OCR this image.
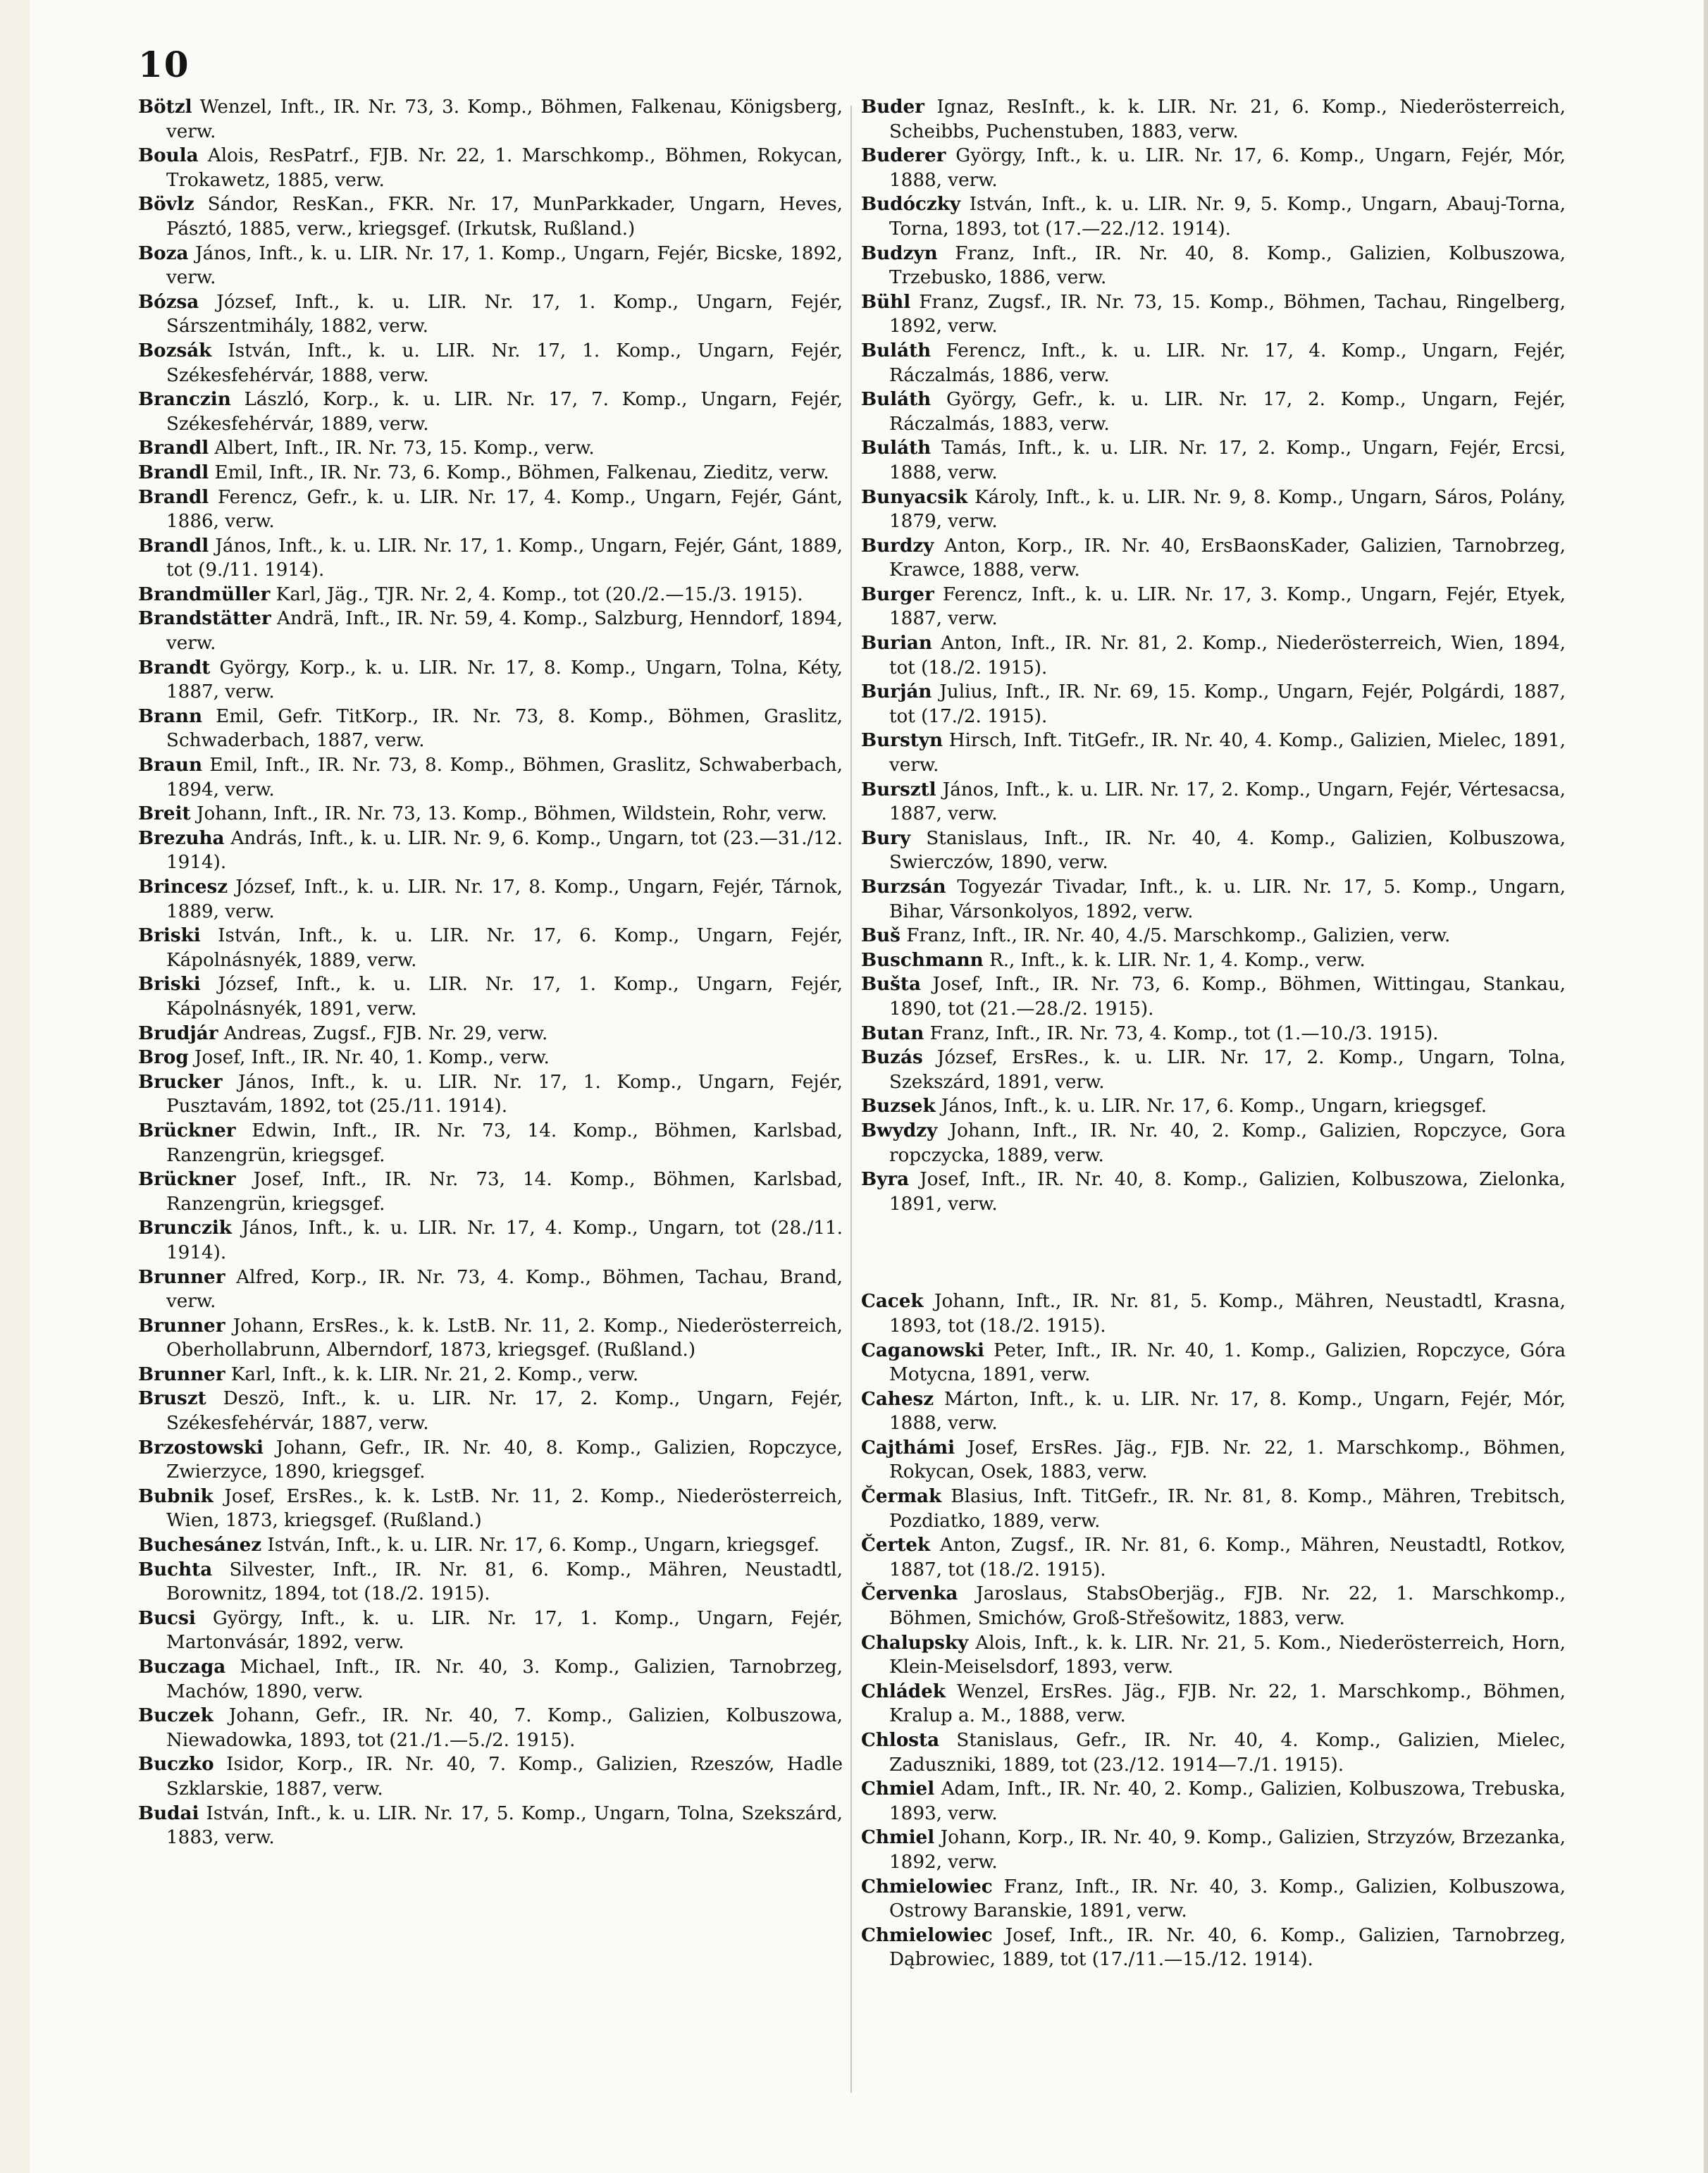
10

Bötzl Wenzel, Inft., IR. Nr. 73, 3. Komp., Böhmen, Falkenau, Königsberg, verw.

Boula Alois, ResPatrf., FJB. Nr. 22, 1. Marschkomp., Böhmen, Rokycan, Trokawetz, 1885, verw.

Bövlz Sándor, ResKan., FKR. Nr. 17, MunParkkader, Ungarn, Heves, Pásztó, 1885, verw., kriegsgef. (Irkutsk, Rußland.)

Boza János, Inft., k. u. LIR. Nr. 17, 1. Komp., Ungarn, Fejér, Bicske, 1892, verw.

Bózsa József, Inft., k. u. LIR. Nr. 17, 1. Komp., Ungarn, Fejér, Sárszentmihály, 1882, verw.

Bozsák István, Inft., k. u. LIR. Nr. 17, 1. Komp., Ungarn, Fejér, Székesfehérvár, 1888, verw.

Branczin László, Korp., k. u. LIR. Nr. 17, 7. Komp., Ungarn, Fejér, Székesfehérvár, 1889, verw.

Brandl Albert, Inft., IR. Nr. 73, 15. Komp., verw.

Brandl Emil, Inft., IR. Nr. 73, 6. Komp., Böhmen, Falkenau, Zieditz, verw.

Brandl Ferencz, Gefr., k. u. LIR. Nr. 17, 4. Komp., Ungarn, Fejér, Gánt, 1886, verw.

Brandl János, Inft., k. u. LIR. Nr. 17, 1. Komp., Ungarn, Fejér, Gánt, 1889, tot (9./11. 1914).

Brandmüller Karl, Jäg., TJR. Nr. 2, 4. Komp., tot (20./2.—15./3. 1915).

Brandstätter Andrä, Inft., IR. Nr. 59, 4. Komp., Salzburg, Henndorf, 1894, verw.

Brandt György, Korp., k. u. LIR. Nr. 17, 8. Komp., Ungarn, Tolna, Kéty, 1887, verw.

Brann Emil, Gefr. TitKorp., IR. Nr. 73, 8. Komp., Böhmen, Graslitz, Schwaderbach, 1887, verw.

Braun Emil, Inft., IR. Nr. 73, 8. Komp., Böhmen, Graslitz, Schwaberbach, 1894, verw.

Breit Johann, Inft., IR. Nr. 73, 13. Komp., Böhmen, Wildstein, Rohr, verw.

Brezuha András, Inft., k. u. LIR. Nr. 9, 6. Komp., Ungarn, tot (23.—31./12. 1914).

Brincesz József, Inft., k. u. LIR. Nr. 17, 8. Komp., Ungarn, Fejér, Tárnok, 1889, verw.

Briski István, Inft., k. u. LIR. Nr. 17, 6. Komp., Ungarn, Fejér, Kápolnásnyék, 1889, verw.

Briski József, Inft., k. u. LIR. Nr. 17, 1. Komp., Ungarn, Fejér, Kápolnásnyék, 1891, verw.

Brudjár Andreas, Zugsf., FJB. Nr. 29, verw.

Brog Josef, Inft., IR. Nr. 40, 1. Komp., verw.

Brucker János, Inft., k. u. LIR. Nr. 17, 1. Komp., Ungarn, Fejér, Pusztavám, 1892, tot (25./11. 1914).

Brückner Edwin, Inft., IR. Nr. 73, 14. Komp., Böhmen, Karlsbad, Ranzengrün, kriegsgef.

Brückner Josef, Inft., IR. Nr. 73, 14. Komp., Böhmen, Karlsbad, Ranzengrün, kriegsgef.

Brunczik János, Inft., k. u. LIR. Nr. 17, 4. Komp., Ungarn, tot (28./11. 1914).

Brunner Alfred, Korp., IR. Nr. 73, 4. Komp., Böhmen, Tachau, Brand, verw.

Brunner Johann, ErsRes., k. k. LstB. Nr. 11, 2. Komp., Niederösterreich, Oberhollabrunn, Alberndorf, 1873, kriegsgef. (Rußland.)

Brunner Karl, Inft., k. k. LIR. Nr. 21, 2. Komp., verw.

Bruszt Deszö, Inft., k. u. LIR. Nr. 17, 2. Komp., Ungarn, Fejér, Székesfehérvár, 1887, verw.

Brzostowski Johann, Gefr., IR. Nr. 40, 8. Komp., Galizien, Ropczyce, Zwierzyce, 1890, kriegsgef.

Bubnik Josef, ErsRes., k. k. LstB. Nr. 11, 2. Komp., Niederösterreich, Wien, 1873, kriegsgef. (Rußland.)

Buchesánez István, Inft., k. u. LIR. Nr. 17, 6. Komp., Ungarn, kriegsgef.

Buchta Silvester, Inft., IR. Nr. 81, 6. Komp., Mähren, Neustadtl, Borownitz, 1894, tot (18./2. 1915).

Bucsi György, Inft., k. u. LIR. Nr. 17, 1. Komp., Ungarn, Fejér, Martonvásár, 1892, verw.

Buczaga Michael, Inft., IR. Nr. 40, 3. Komp., Galizien, Tarnobrzeg, Machów, 1890, verw.

Buczek Johann, Gefr., IR. Nr. 40, 7. Komp., Galizien, Kolbuszowa, Niewadowka, 1893, tot (21./1.—5./2. 1915).

Buczko Isidor, Korp., IR. Nr. 40, 7. Komp., Galizien, Rzeszów, Hadle Szklarskie, 1887, verw.

Budai István, Inft., k. u. LIR. Nr. 17, 5. Komp., Ungarn, Tolna, Szekszárd, 1883, verw.

Buder Ignaz, ResInft., k. k. LIR. Nr. 21, 6. Komp., Niederösterreich, Scheibbs, Puchenstuben, 1883, verw.

Buderer György, Inft., k. u. LIR. Nr. 17, 6. Komp., Ungarn, Fejér, Mór, 1888, verw.

Budóczky István, Inft., k. u. LIR. Nr. 9, 5. Komp., Ungarn, Abauj-Torna, Torna, 1893, tot (17.—22./12. 1914).

Budzyn Franz, Inft., IR. Nr. 40, 8. Komp., Galizien, Kolbuszowa, Trzebusko, 1886, verw.

Bühl Franz, Zugsf., IR. Nr. 73, 15. Komp., Böhmen, Tachau, Ringelberg, 1892, verw.

Buláth Ferencz, Inft., k. u. LIR. Nr. 17, 4. Komp., Ungarn, Fejér, Ráczalmás, 1886, verw.

Buláth György, Gefr., k. u. LIR. Nr. 17, 2. Komp., Ungarn, Fejér, Ráczalmás, 1883, verw.

Buláth Tamás, Inft., k. u. LIR. Nr. 17, 2. Komp., Ungarn, Fejér, Ercsi, 1888, verw.

Bunyacsik Károly, Inft., k. u. LIR. Nr. 9, 8. Komp., Ungarn, Sáros, Polány, 1879, verw.

Burdzy Anton, Korp., IR. Nr. 40, ErsBaonsKader, Galizien, Tarnobrzeg, Krawce, 1888, verw.

Burger Ferencz, Inft., k. u. LIR. Nr. 17, 3. Komp., Ungarn, Fejér, Etyek, 1887, verw.

Burian Anton, Inft., IR. Nr. 81, 2. Komp., Niederösterreich, Wien, 1894, tot (18./2. 1915).

Burján Julius, Inft., IR. Nr. 69, 15. Komp., Ungarn, Fejér, Polgárdi, 1887, tot (17./2. 1915).

Burstyn Hirsch, Inft. TitGefr., IR. Nr. 40, 4. Komp., Galizien, Mielec, 1891, verw.

Bursztl János, Inft., k. u. LIR. Nr. 17, 2. Komp., Ungarn, Fejér, Vértesacsa, 1887, verw.

Bury Stanislaus, Inft., IR. Nr. 40, 4. Komp., Galizien, Kolbuszowa, Swierczów, 1890, verw.

Burzsán Togyezár Tivadar, Inft., k. u. LIR. Nr. 17, 5. Komp., Ungarn, Bihar, Vársonkolyos, 1892, verw.

Buš Franz, Inft., IR. Nr. 40, 4./5. Marschkomp., Galizien, verw.

Buschmann R., Inft., k. k. LIR. Nr. 1, 4. Komp., verw.

Bušta Josef, Inft., IR. Nr. 73, 6. Komp., Böhmen, Wittingau, Stankau, 1890, tot (21.—28./2. 1915).

Butan Franz, Inft., IR. Nr. 73, 4. Komp., tot (1.—10./3. 1915).

Buzás József, ErsRes., k. u. LIR. Nr. 17, 2. Komp., Ungarn, Tolna, Szekszárd, 1891, verw.

Buzsek János, Inft., k. u. LIR. Nr. 17, 6. Komp., Ungarn, kriegsgef.

Bwydzy Johann, Inft., IR. Nr. 40, 2. Komp., Galizien, Ropczyce, Gora ropczycka, 1889, verw.

Byra Josef, Inft., IR. Nr. 40, 8. Komp., Galizien, Kolbuszowa, Zielonka, 1891, verw.

Cacek Johann, Inft., IR. Nr. 81, 5. Komp., Mähren, Neustadtl, Krasna, 1893, tot (18./2. 1915).

Caganowski Peter, Inft., IR. Nr. 40, 1. Komp., Galizien, Ropczyce, Góra Motycna, 1891, verw.

Cahesz Márton, Inft., k. u. LIR. Nr. 17, 8. Komp., Ungarn, Fejér, Mór, 1888, verw.

Cajthámi Josef, ErsRes. Jäg., FJB. Nr. 22, 1. Marschkomp., Böhmen, Rokycan, Osek, 1883, verw.

Čermak Blasius, Inft. TitGefr., IR. Nr. 81, 8. Komp., Mähren, Trebitsch, Pozdiatko, 1889, verw.

Čertek Anton, Zugsf., IR. Nr. 81, 6. Komp., Mähren, Neustadtl, Rotkov, 1887, tot (18./2. 1915).

Červenka Jaroslaus, StabsOberjäg., FJB. Nr. 22, 1. Marschkomp., Böhmen, Smichów, Groß-Střešowitz, 1883, verw.

Chalupsky Alois, Inft., k. k. LIR. Nr. 21, 5. Kom., Niederösterreich, Horn, Klein-Meiselsdorf, 1893, verw.

Chládek Wenzel, ErsRes. Jäg., FJB. Nr. 22, 1. Marschkomp., Böhmen, Kralup a. M., 1888, verw.

Chlosta Stanislaus, Gefr., IR. Nr. 40, 4. Komp., Galizien, Mielec, Zaduszniki, 1889, tot (23./12. 1914—7./1. 1915).

Chmiel Adam, Inft., IR. Nr. 40, 2. Komp., Galizien, Kolbuszowa, Trebuska, 1893, verw.

Chmiel Johann, Korp., IR. Nr. 40, 9. Komp., Galizien, Strzyzów, Brzezanka, 1892, verw.

Chmielowiec Franz, Inft., IR. Nr. 40, 3. Komp., Galizien, Kolbuszowa, Ostrowy Baranskie, 1891, verw.

Chmielowiec Josef, Inft., IR. Nr. 40, 6. Komp., Galizien, Tarnobrzeg, Dąbrowiec, 1889, tot (17./11.—15./12. 1914).
